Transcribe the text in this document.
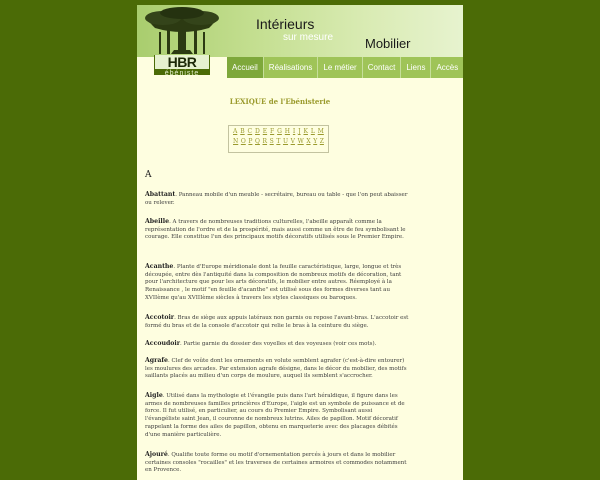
Intérieurs
sur mesure Mobilier
HBR
ébéniste
Accueil	Réalisations	Le métier	Contact	Liens	Accès
LEXIQUE de l'Ebénisterie
A B C D E F G H I J K L M
N O P Q R S T U V W X Y Z
A

Abattant. Panneau mobile d'un meuble - secrétaire, bureau ou table - que l'on peut abaisser ou relever.

Abeille. A travers de nombreuses traditions culturelles, l'abeille apparaît comme la représentation de l'ordre et de la prospérité, mais aussi comme un être de feu symbolisant le courage. Elle constitue l'un des principaux motifs décoratifs utilisés sous le Premier Empire.

Acanthe. Plante d'Europe méridionale dont la feuille caractéristique, large, longue et très découpée, entre dès l'antiquité dans la composition de nombreux motifs de décoration, tant pour l'architecture que pour les arts décoratifs, le mobilier entre autres. Réemployé à la Renaissance , le motif "en feuille d'acanthe" est utilisé sous des formes diverses tant au XVIIème qu'au XVIIIème siècles à travers les styles classiques ou baroques.

Accotoir. Bras de siège aux appuis latéraux non garnis ou repose l'avant-bras. L'accotoir est formé du bras et de la console d'accotoir qui relie le bras à la ceinture du siège.

Accoudoir. Partie garnie du dossier des voyelles et des voyeuses (voir ces mots).

Agrafe. Clef de voûte dont les ornements en volute semblent agrafer (c'est-à-dire entourer) les moulures des arcades. Par extension agrafe désigne, dans le décor du mobilier, des motifs saillants placés au milieu d'un corps de moulure, auquel ils semblent s'accrocher.

Aigle. Utilisé dans la mythologie et l'évangile puis dans l'art héraldique, il figure dans les armes de nombreuses familles princières d'Europe, l'aigle est un symbole de puissance et de force. Il fut utilisé, en particulier, au cours du Premier Empire. Symbolisant aussi l'évangéliste saint Jean, il couronne de nombreux lutrins. Ailes de papillon. Motif décoratif rappelant la forme des ailes de papillon, obtenu en marqueterie avec des placages débités d'une manière particulière.

Ajouré. Qualifie toute forme ou motif d'ornementation percés à jours et dans le mobilier certaines consoles "rocailles" et les traverses de certaines armoires et commodes notamment en Provence.
